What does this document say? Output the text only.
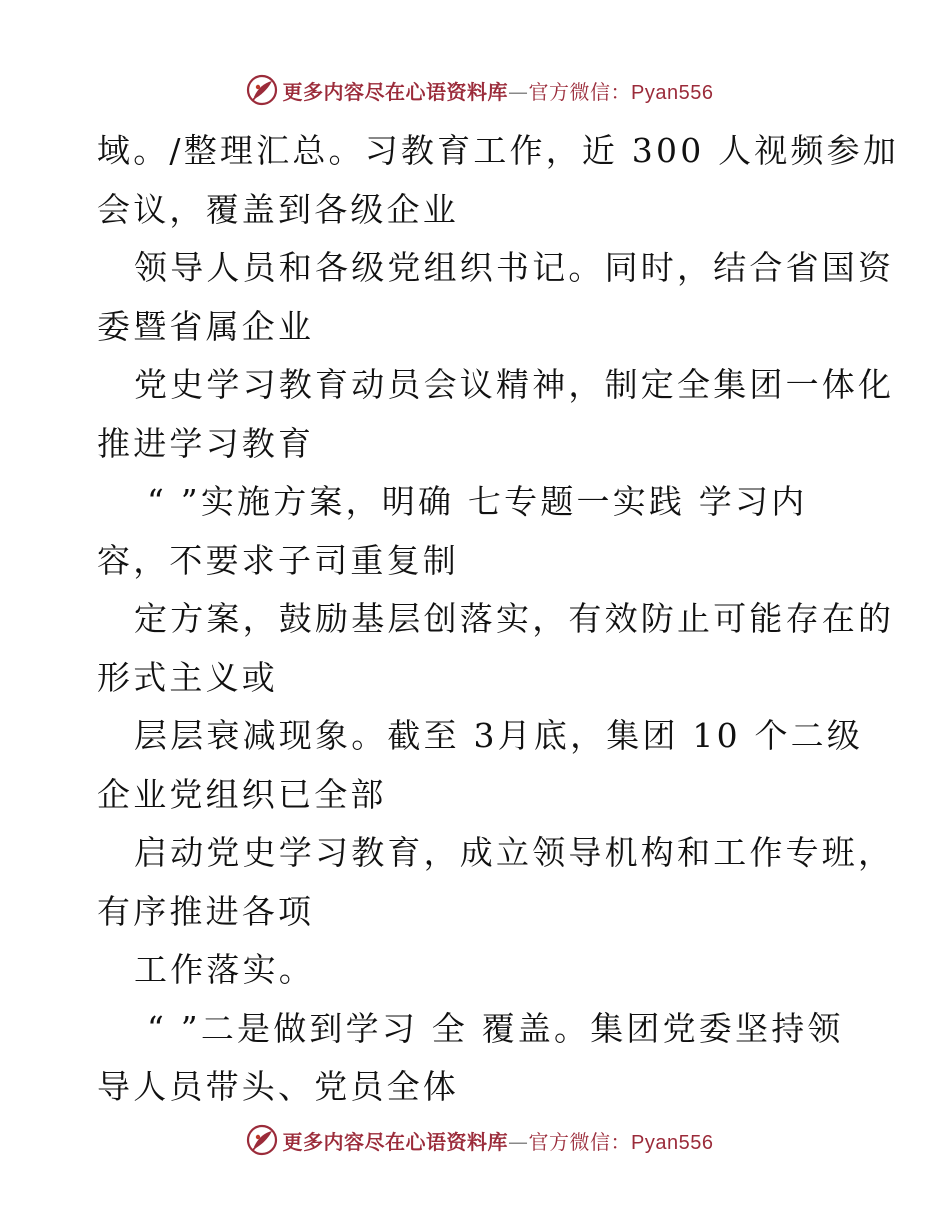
更多内容尽在心语资料库—官方微信：Pyan556
域。/整理汇总。习教育工作，近 300 人视频参加
会议，覆盖到各级企业
领导人员和各级党组织书记。同时，结合省国资
委暨省属企业
党史学习教育动员会议精神，制定全集团一体化
推进学习教育
“ ”实施方案，明确 七专题一实践 学习内
容，不要求子司重复制
定方案，鼓励基层创落实，有效防止可能存在的
形式主义或
层层衰减现象。截至 3月底，集团 10 个二级
企业党组织已全部
启动党史学习教育，成立领导机构和工作专班，
有序推进各项
工作落实。
“ ”二是做到学习 全 覆盖。集团党委坚持领
导人员带头、党员全体
更多内容尽在心语资料库—官方微信：Pyan556
